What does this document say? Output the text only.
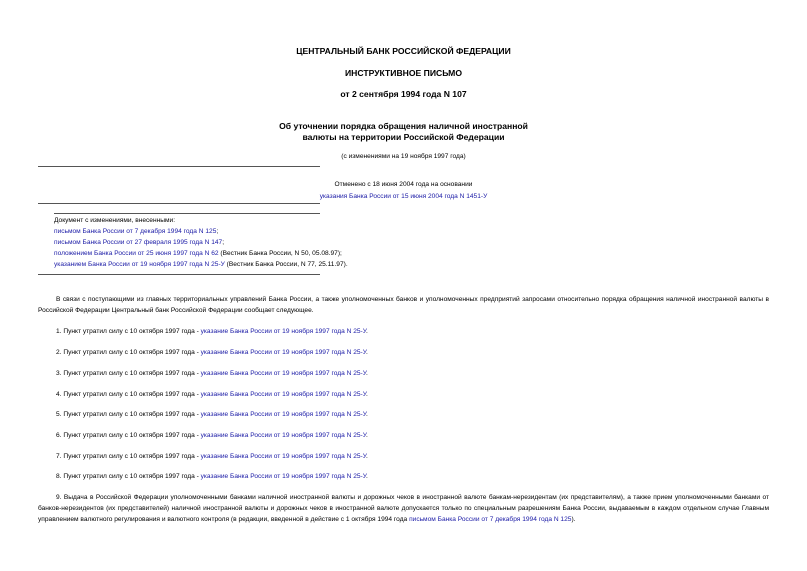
ЦЕНТРАЛЬНЫЙ БАНК РОССИЙСКОЙ ФЕДЕРАЦИИ
ИНСТРУКТИВНОЕ ПИСЬМО
от 2 сентября 1994 года N 107
Об уточнении порядка обращения наличной иностранной
валюты на территории Российской Федерации
(с изменениями на 19 ноября 1997 года)
Отменено с 18 июня 2004 года на основании
указания Банка России от 15 июня 2004 года N 1451-У
Документ с изменениями, внесенными:
письмом Банка России от 7 декабря 1994 года N 125;
письмом Банка России от 27 февраля 1995 года N 147;
положением Банка России от 25 июня 1997 года N 62 (Вестник Банка России, N 50, 05.08.97);
указанием Банка России от 19 ноября 1997 года N 25-У (Вестник Банка России, N 77, 25.11.97).
В связи с поступающими из главных территориальных управлений Банка России, а также уполномоченных банков и уполномоченных предприятий запросами относительно порядка обращения наличной иностранной валюты в Российской Федерации Центральный банк Российской Федерации сообщает следующее.
1. Пункт утратил силу с 10 октября 1997 года - указание Банка России от 19 ноября 1997 года N 25-У.
2. Пункт утратил силу с 10 октября 1997 года - указание Банка России от 19 ноября 1997 года N 25-У.
3. Пункт утратил силу с 10 октября 1997 года - указание Банка России от 19 ноября 1997 года N 25-У.
4. Пункт утратил силу с 10 октября 1997 года - указание Банка России от 19 ноября 1997 года N 25-У.
5. Пункт утратил силу с 10 октября 1997 года - указание Банка России от 19 ноября 1997 года N 25-У.
6. Пункт утратил силу с 10 октября 1997 года - указание Банка России от 19 ноября 1997 года N 25-У.
7. Пункт утратил силу с 10 октября 1997 года - указание Банка России от 19 ноября 1997 года N 25-У.
8. Пункт утратил силу с 10 октября 1997 года - указание Банка России от 19 ноября 1997 года N 25-У.
9. Выдача в Российской Федерации уполномоченными банками наличной иностранной валюты и дорожных чеков в иностранной валюте банкам-нерезидентам (их представителям), а также прием уполномоченными банками от банков-нерезидентов (их представителей) наличной иностранной валюты и дорожных чеков в иностранной валюте допускается только по специальным разрешениям Банка России, выдаваемым в каждом отдельном случае Главным управлением валютного регулирования и валютного контроля (в редакции, введенной в действие с 1 октября 1994 года письмом Банка России от 7 декабря 1994 года N 125).
